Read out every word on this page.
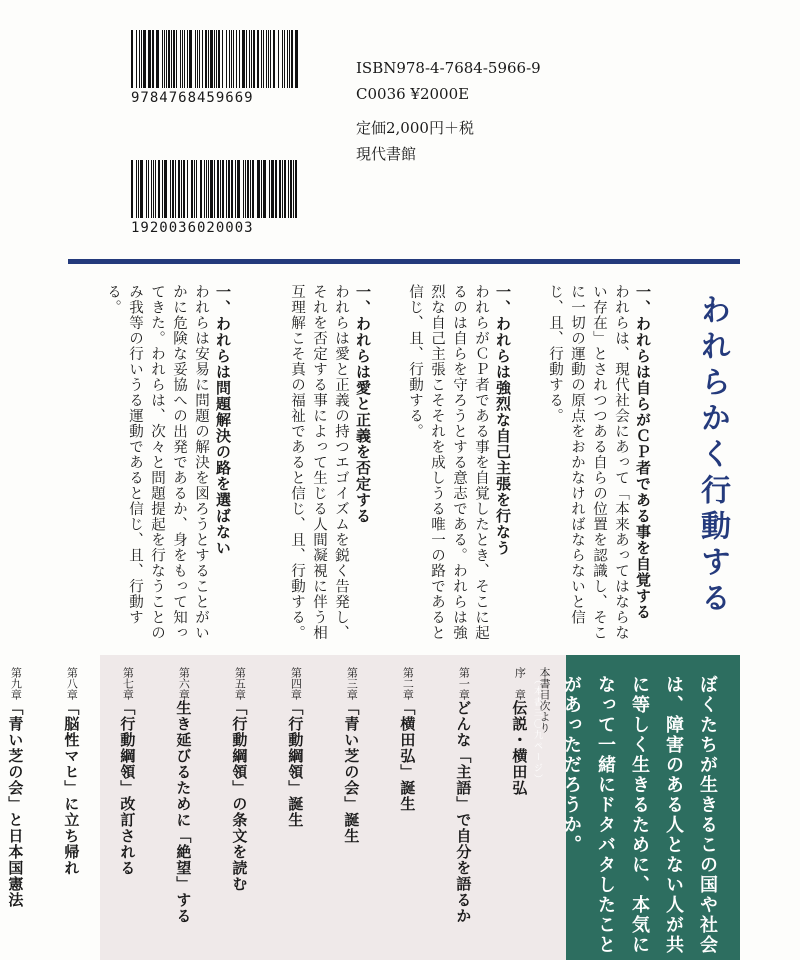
9784768459669
1920036020003
ISBN978-4-7684-5966-9
C0036 ¥2000E
定価2,000円＋税
現代書館
われらかく行動する
一、われらは自らがＣＰ者である事を自覚する
われらは、現代社会にあって「本来あってはならない存在」とされつつある自らの位置を認識し、そこに一切の運動の原点をおかなければならないと信じ、且、行動する。
一、われらは強烈な自己主張を行なう
われらがＣＰ者である事を自覚したとき、そこに起るのは自らを守ろうとする意志である。われらは強烈な自己主張こそそれを成しうる唯一の路であると信じ、且、行動する。
一、われらは愛と正義を否定する
われらは愛と正義の持つエゴイズムを鋭く告発し、それを否定する事によって生じる人間凝視に伴う相互理解こそ真の福祉であると信じ、且、行動する。
一、われらは問題解決の路を選ばない
われらは安易に問題の解決を図ろうとすることがいかに危険な妥協への出発であるか、身をもって知ってきた。われらは、次々と問題提起を行なうことのみ我等の行いうる運動であると信じ、且、行動する。
本書目次より
序　章伝説・横田弘
第一章どんな「主語」で自分を語るか
第二章「横田弘」誕生
第三章「青い芝の会」誕生
第四章「行動綱領」誕生
第五章「行動綱領」の条文を読む
第六章生き延びるために「絶望」する
第七章「行動綱領」改訂される
第八章「脳性マヒ」に立ち帰れ
第九章「青い芝の会」と日本国憲法	ぼくたちが生きるこの国や社会は、障害のある人とない人が共に等しく生きるために、本気になって一緒にドタバタしたことがあっただろうか。（本書三〇九ページ）
